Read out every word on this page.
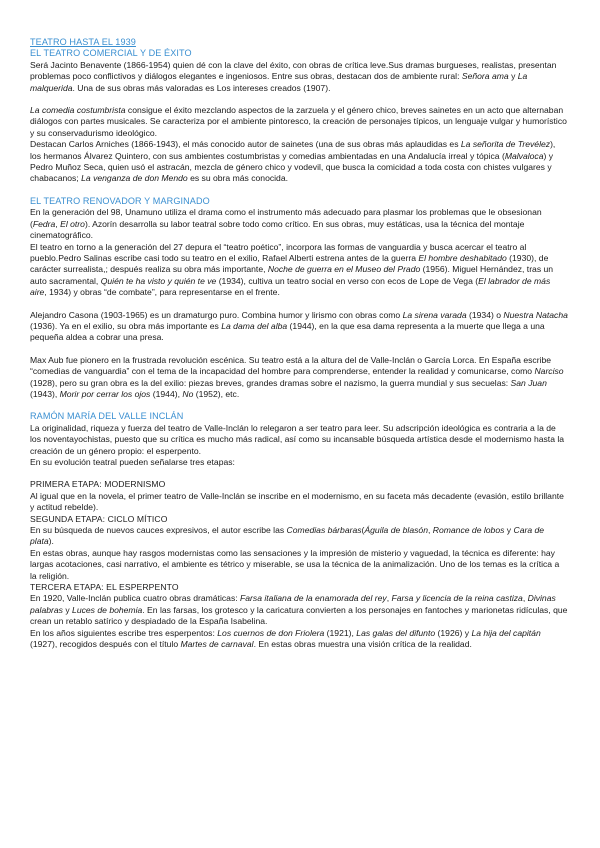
TEATRO HASTA EL 1939
EL TEATRO COMERCIAL Y DE ÉXITO

Será Jacinto Benavente (1866-1954) quien dé con la clave del éxito, con obras de crítica leve.Sus dramas burgueses, realistas, presentan problemas poco conflictivos y diálogos elegantes e ingeniosos. Entre sus obras, destacan dos de ambiente rural: Señora ama y La malquerida. Una de sus obras más valoradas es Los intereses creados (1907).

La comedia costumbrista consigue el éxito mezclando aspectos de la zarzuela y el género chico, breves sainetes en un acto que alternaban diálogos con partes musicales. Se caracteriza por el ambiente pintoresco, la creación de personajes típicos, un lenguaje vulgar y humorístico y su conservadurismo ideológico.

Destacan Carlos Arniches (1866-1943), el más conocido autor de sainetes (una de sus obras más aplaudidas es La señorita de Trevélez), los hermanos Álvarez Quintero, con sus ambientes costumbristas y comedias ambientadas en una Andalucía irreal y tópica (Malvaloca) y Pedro Muñoz Seca, quien usó el astracán, mezcla de género chico y vodevil, que busca la comicidad a toda costa con chistes vulgares y chabacanos; La venganza de don Mendo es su obra más conocida.

EL TEATRO RENOVADOR Y MARGINADO

En la generación del 98, Unamuno utiliza el drama como el instrumento más adecuado para plasmar los problemas que le obsesionan (Fedra, El otro). Azorín desarrolla su labor teatral sobre todo como crítico. En sus obras, muy estáticas, usa la técnica del montaje cinematográfico.

El teatro en torno a la generación del 27 depura el “teatro poético”, incorpora las formas de vanguardia y busca acercar el teatro al pueblo.Pedro Salinas escribe casi todo su teatro en el exilio, Rafael Alberti estrena antes de la guerra El hombre deshabitado (1930), de carácter surrealista,; después realiza su obra más importante, Noche de guerra en el Museo del Prado (1956). Miguel Hernández, tras un auto sacramental, Quién te ha visto y quién te ve (1934), cultiva un teatro social en verso con ecos de Lope de Vega (El labrador de más aire, 1934) y obras “de combate”, para representarse en el frente.

Alejandro Casona (1903-1965) es un dramaturgo puro. Combina humor y lirismo con obras como La sirena varada (1934) o Nuestra Natacha (1936). Ya en el exilio, su obra más importante es La dama del alba (1944), en la que esa dama representa a la muerte que llega a una pequeña aldea a cobrar una presa.

Max Aub fue pionero en la frustrada revolución escénica. Su teatro está a la altura del de Valle-Inclán o García Lorca. En España escribe “comedias de vanguardia” con el tema de la incapacidad del hombre para comprenderse, entender la realidad y comunicarse, como Narciso (1928), pero su gran obra es la del exilio: piezas breves, grandes dramas sobre el nazismo, la guerra mundial y sus secuelas: San Juan (1943), Morir por cerrar los ojos (1944), No (1952), etc.

RAMÓN MARÍA DEL VALLE INCLÁN

La originalidad, riqueza y fuerza del teatro de Valle-Inclán lo relegaron a ser teatro para leer. Su adscripción ideológica es contraria a la de los noventayochistas, puesto que su crítica es mucho más radical, así como su incansable búsqueda artística desde el modernismo hasta la creación de un género propio: el esperpento.

En su evolución teatral pueden señalarse tres etapas:

PRIMERA ETAPA: MODERNISMO

Al igual que en la novela, el primer teatro de Valle-Inclán se inscribe en el modernismo, en su faceta más decadente (evasión, estilo brillante y actitud rebelde).

SEGUNDA ETAPA: CICLO MÍTICO

En su búsqueda de nuevos cauces expresivos, el autor escribe las Comedias bárbaras(Águila de blasón, Romance de lobos y Cara de plata).

En estas obras, aunque hay rasgos modernistas como las sensaciones y la impresión de misterio y vaguedad, la técnica es diferente: hay largas acotaciones, casi narrativo, el ambiente es tétrico y miserable, se usa la técnica de la animalización. Uno de los temas es la crítica a la religión.

TERCERA ETAPA: EL ESPERPENTO

En 1920, Valle-Inclán publica cuatro obras dramáticas: Farsa italiana de la enamorada del rey, Farsa y licencia de la reina castiza, Divinas palabras y Luces de bohemia. En las farsas, los grotesco y la caricatura convierten a los personajes en fantoches y marionetas ridículas, que crean un retablo satírico y despiadado de la España Isabelina.

En los años siguientes escribe tres esperpentos: Los cuernos de don Friolera (1921), Las galas del difunto (1926) y La hija del capitán (1927), recogidos después con el título Martes de carnaval. En estas obras muestra una visión crítica de la realidad.
